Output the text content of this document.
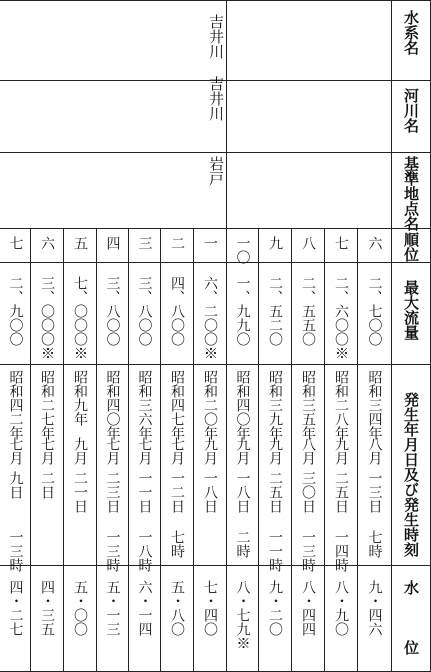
水系名
河川名
基準地点名
順位
最大流量
発生年月日及び発生時刻
水
位
吉井川
吉井川
岩戸
六
二、七〇〇
昭和三四年
八月
一三日
七時
九・四六
七
二、六〇〇※
昭和二八年
九月
二五日
一四時
八・九〇
八
二、五五〇
昭和三五年
八月
三〇日
一三時
八・四四
九
二、五二〇
昭和三九年
九月
二五日
一一時
九・二〇
一〇
一、九九〇
昭和四〇年
九月
一八日
二時
八・七九※
一
六、二〇〇※
昭和二〇年
九月
一八日
七・四〇
二
四、八〇〇
昭和四七年
七月
一二日
七時
五・八〇
三
三、八〇〇
昭和三六年
七月
一一日
一八時
六・一四
四
三、八〇〇
昭和四〇年
七月
二三日
一三時
五・一三
五
七、〇〇〇※
昭和九年
九月
二一日
五・〇〇
六
三、〇〇〇※
昭和二七年
七月
二日
四・三五
七
二、九〇〇
昭和四二年
七月
九日
一三時
四・二七
